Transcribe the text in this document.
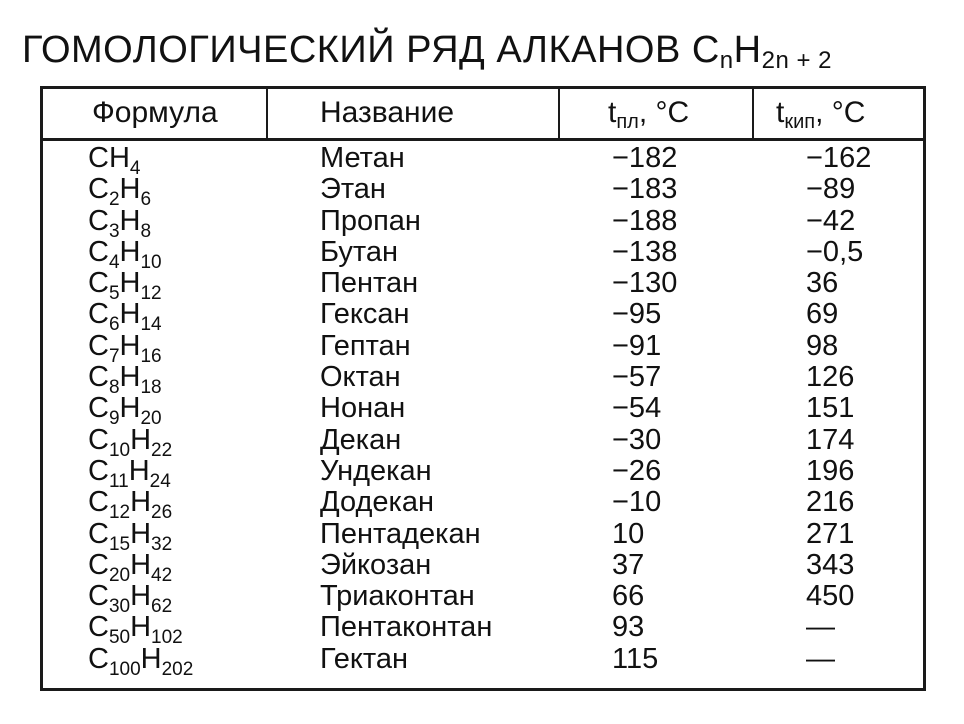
ГОМОЛОГИЧЕСКИЙ РЯД АЛКАНОВ $С_nН_{2n + 2}$
Формула	Название	$t_{пл}$, °С	$t_{кип}$, °С
$CH_4$	Метан	−182	−162
$C_2H_6$	Этан	−183	−89
$C_3H_8$	Пропан	−188	−42
$C_4H_{10}$	Бутан	−138	−0,5
$C_5H_{12}$	Пентан	−130	36
$C_6H_{14}$	Гексан	−95	69
$C_7H_{16}$	Гептан	−91	98
$C_8H_{18}$	Октан	−57	126
$C_9H_{20}$	Нонан	−54	151
$C_{10}H_{22}$	Декан	−30	174
$C_{11}H_{24}$	Ундекан	−26	196
$C_{12}H_{26}$	Додекан	−10	216
$C_{15}H_{32}$	Пентадекан	10	271
$C_{20}H_{42}$	Эйкозан	37	343
$C_{30}H_{62}$	Триаконтан	66	450
$C_{50}H_{102}$	Пентаконтан	93	—
$C_{100}H_{202}$	Гектан	115	—
